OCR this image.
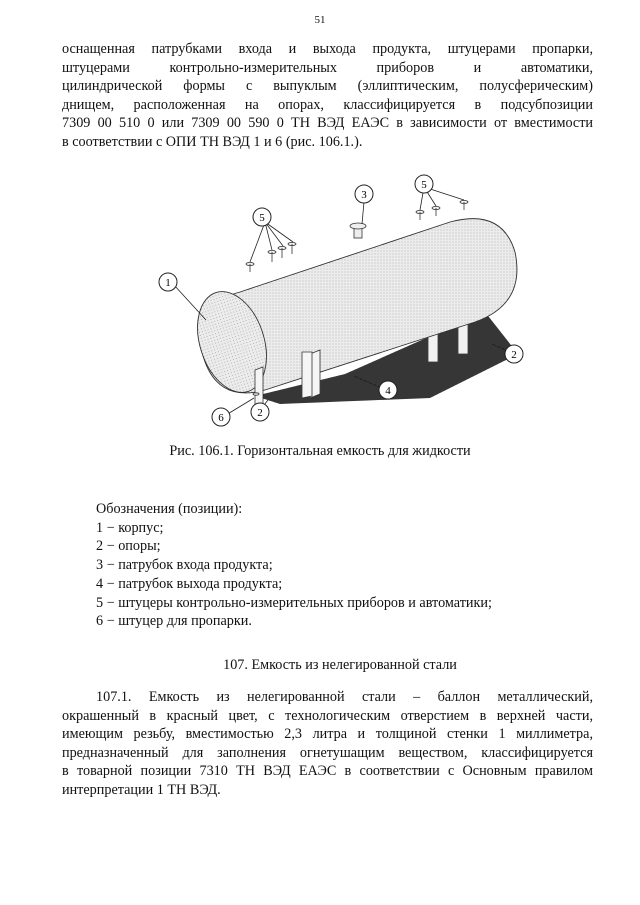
51
оснащенная патрубками входа и выхода продукта, штуцерами пропарки,
штуцерами контрольно-измерительных приборов и автоматики,
цилиндрической формы с выпуклым (эллиптическим, полусферическим)
днищем, расположенная на опорах, классифицируется в подсубпозиции
7309 00 510 0 или 7309 00 590 0 ТН ВЭД ЕАЭС в зависимости от вместимости
в соответствии с ОПИ ТН ВЭД 1 и 6 (рис. 106.1.).
1
3
5
5
2
4
2
6
Рис. 106.1. Горизонтальная емкость для жидкости
Обозначения (позиции):
1 − корпус;
2 − опоры;
3 − патрубок входа продукта;
4 − патрубок выхода продукта;
5 − штуцеры контрольно-измерительных приборов и автоматики;
6 − штуцер для пропарки.
107. Емкость из нелегированной стали
107.1. Емкость из нелегированной стали – баллон металлический,
окрашенный в красный цвет, с технологическим отверстием в верхней части,
имеющим резьбу, вместимостью 2,3 литра и толщиной стенки 1 миллиметра,
предназначенный для заполнения огнетушащим веществом, классифицируется
в товарной позиции 7310 ТН ВЭД ЕАЭС в соответствии с Основным правилом
интерпретации 1 ТН ВЭД.
